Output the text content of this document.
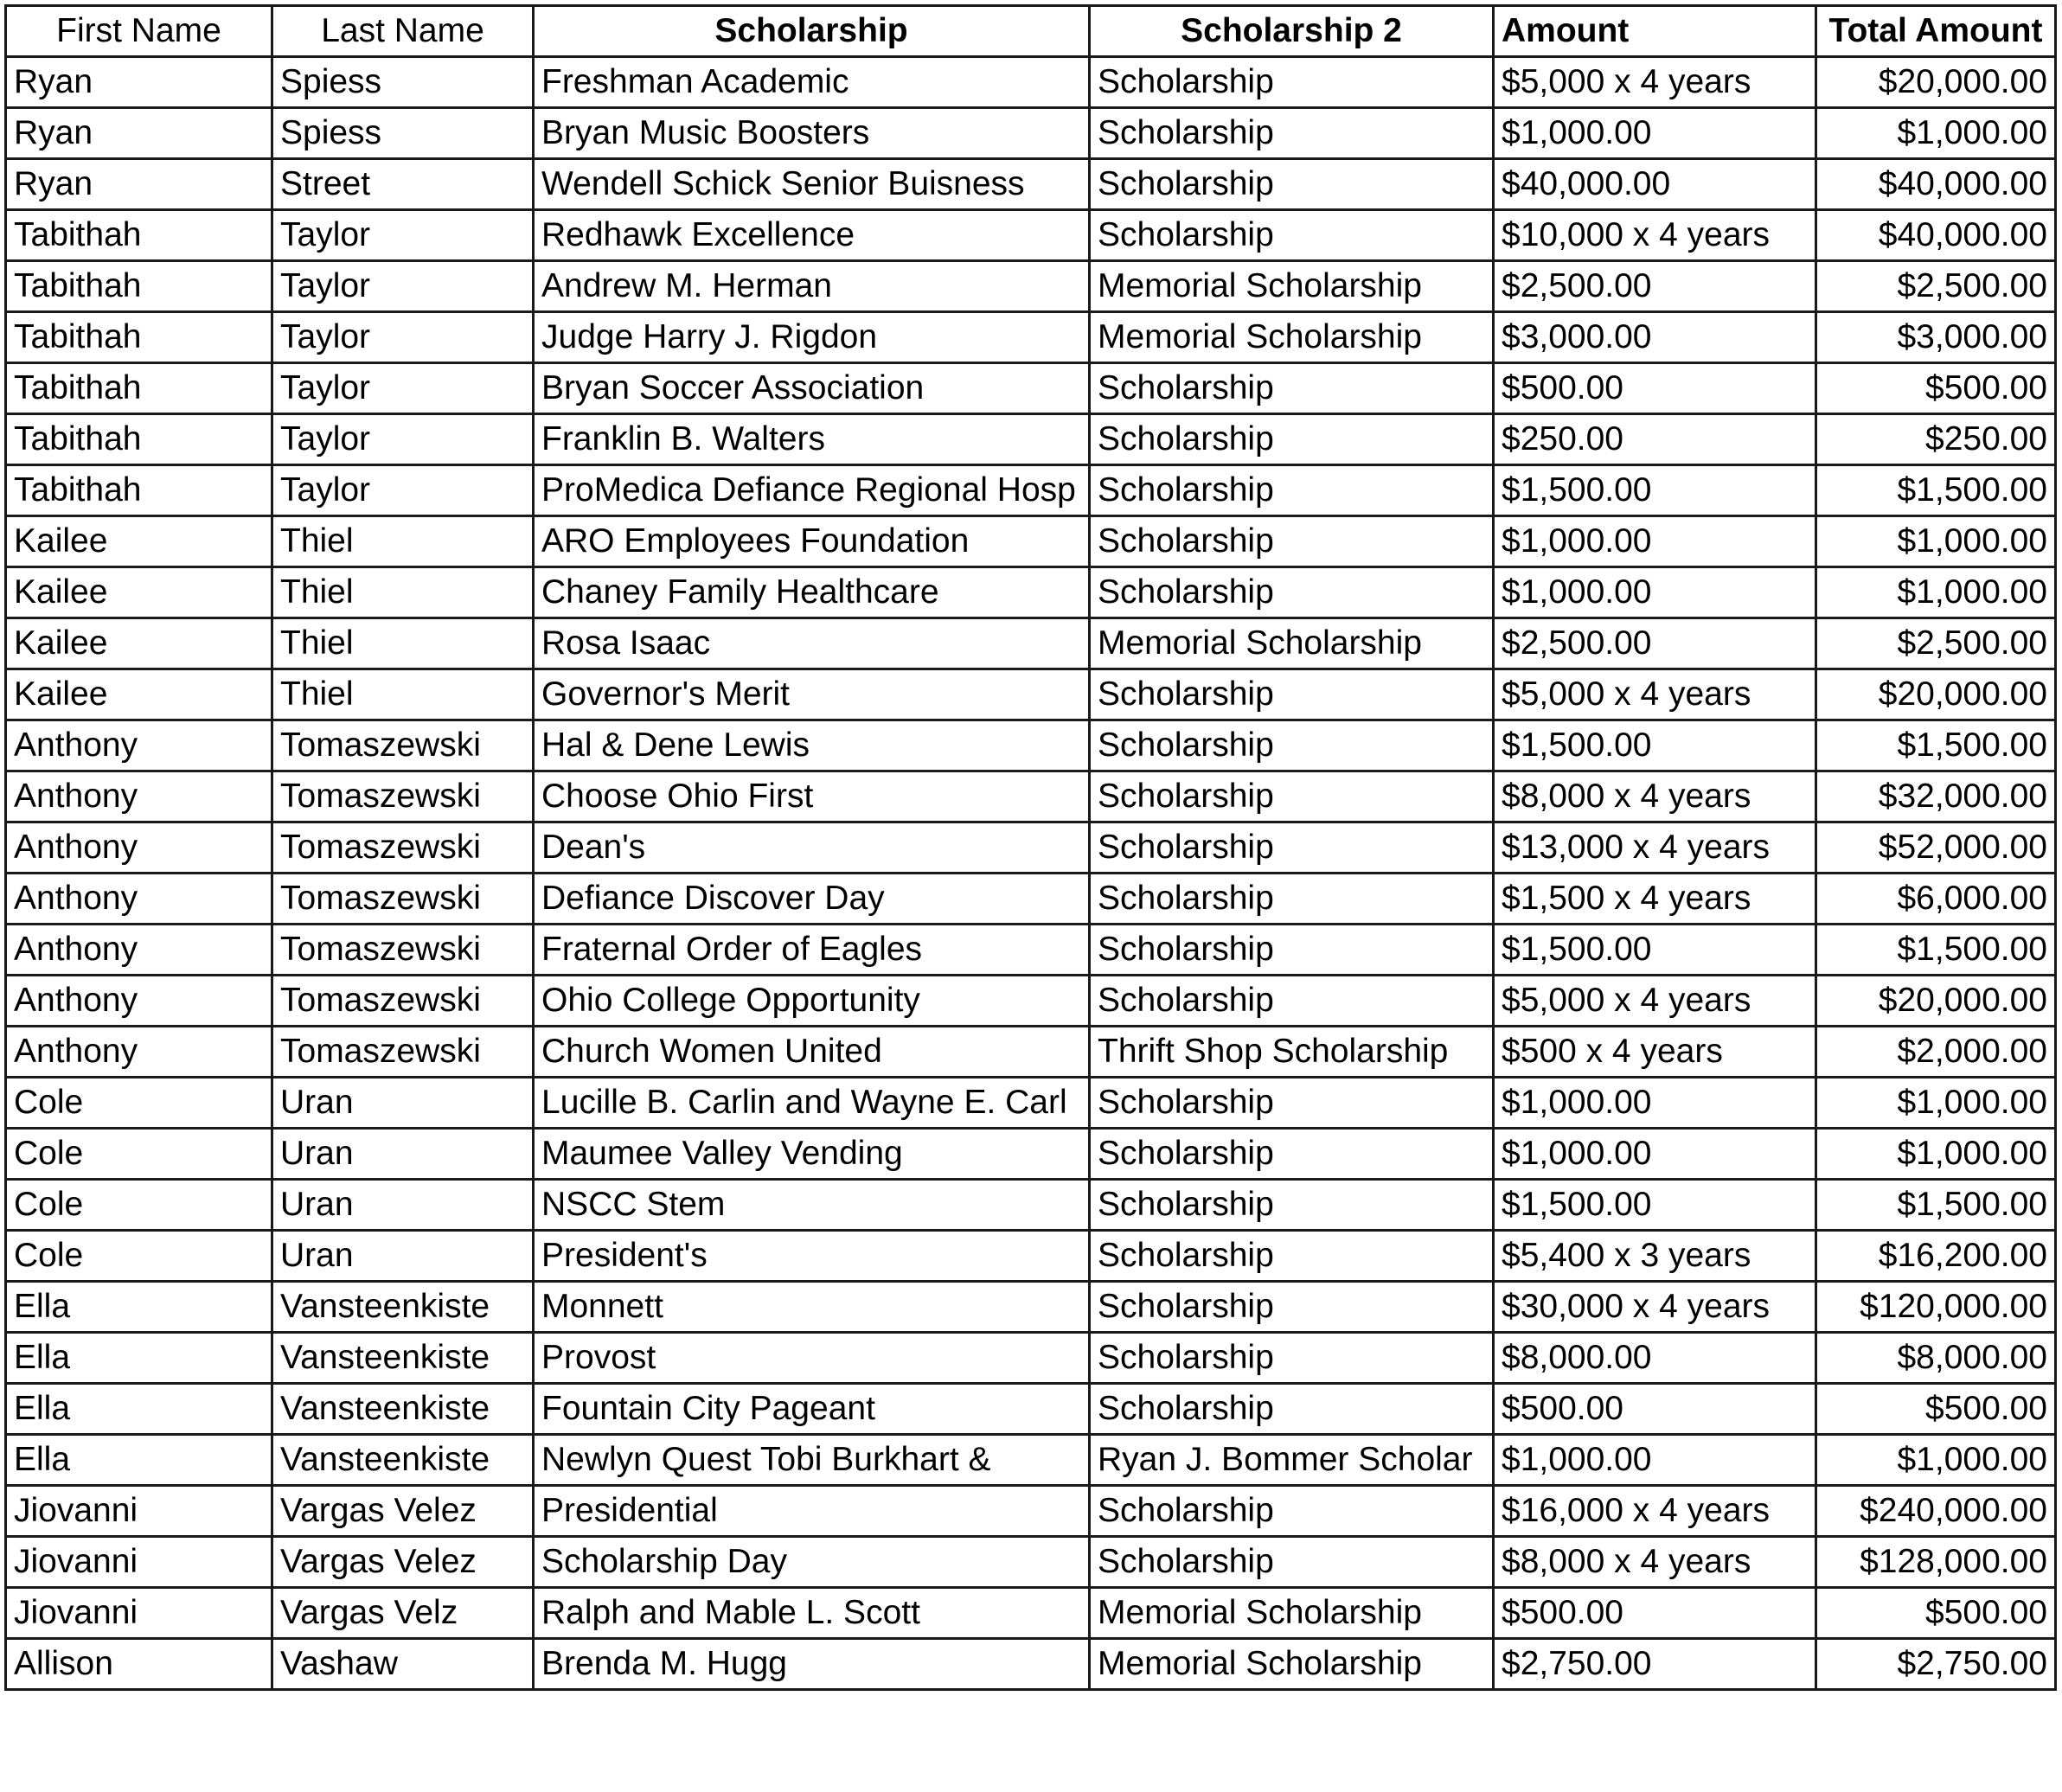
First Name	Last Name	Scholarship	Scholarship 2	Amount	Total Amount
Ryan	Spiess	Freshman Academic	Scholarship	$5,000 x 4 years	$20,000.00
Ryan	Spiess	Bryan Music Boosters	Scholarship	$1,000.00	$1,000.00
Ryan	Street	Wendell Schick Senior Buisness	Scholarship	$40,000.00	$40,000.00
Tabithah	Taylor	Redhawk Excellence	Scholarship	$10,000 x 4 years	$40,000.00
Tabithah	Taylor	Andrew M. Herman	Memorial Scholarship	$2,500.00	$2,500.00
Tabithah	Taylor	Judge Harry J. Rigdon	Memorial Scholarship	$3,000.00	$3,000.00
Tabithah	Taylor	Bryan Soccer Association	Scholarship	$500.00	$500.00
Tabithah	Taylor	Franklin B. Walters	Scholarship	$250.00	$250.00
Tabithah	Taylor	ProMedica Defiance Regional Hosp	Scholarship	$1,500.00	$1,500.00
Kailee	Thiel	ARO Employees Foundation	Scholarship	$1,000.00	$1,000.00
Kailee	Thiel	Chaney Family Healthcare	Scholarship	$1,000.00	$1,000.00
Kailee	Thiel	Rosa Isaac	Memorial Scholarship	$2,500.00	$2,500.00
Kailee	Thiel	Governor's Merit	Scholarship	$5,000 x 4 years	$20,000.00
Anthony	Tomaszewski	Hal & Dene Lewis	Scholarship	$1,500.00	$1,500.00
Anthony	Tomaszewski	Choose Ohio First	Scholarship	$8,000 x 4 years	$32,000.00
Anthony	Tomaszewski	Dean's	Scholarship	$13,000 x 4 years	$52,000.00
Anthony	Tomaszewski	Defiance Discover Day	Scholarship	$1,500 x 4 years	$6,000.00
Anthony	Tomaszewski	Fraternal Order of Eagles	Scholarship	$1,500.00	$1,500.00
Anthony	Tomaszewski	Ohio College Opportunity	Scholarship	$5,000 x 4 years	$20,000.00
Anthony	Tomaszewski	Church Women United	Thrift Shop Scholarship	$500 x 4 years	$2,000.00
Cole	Uran	Lucille B. Carlin and Wayne E. Carl	Scholarship	$1,000.00	$1,000.00
Cole	Uran	Maumee Valley Vending	Scholarship	$1,000.00	$1,000.00
Cole	Uran	NSCC Stem	Scholarship	$1,500.00	$1,500.00
Cole	Uran	President's	Scholarship	$5,400 x 3 years	$16,200.00
Ella	Vansteenkiste	Monnett	Scholarship	$30,000 x 4 years	$120,000.00
Ella	Vansteenkiste	Provost	Scholarship	$8,000.00	$8,000.00
Ella	Vansteenkiste	Fountain City Pageant	Scholarship	$500.00	$500.00
Ella	Vansteenkiste	Newlyn Quest Tobi Burkhart &	Ryan J. Bommer Scholar	$1,000.00	$1,000.00
Jiovanni	Vargas Velez	Presidential	Scholarship	$16,000 x 4 years	$240,000.00
Jiovanni	Vargas Velez	Scholarship Day	Scholarship	$8,000 x 4 years	$128,000.00
Jiovanni	Vargas Velz	Ralph and Mable L. Scott	Memorial Scholarship	$500.00	$500.00
Allison	Vashaw	Brenda M. Hugg	Memorial Scholarship	$2,750.00	$2,750.00
